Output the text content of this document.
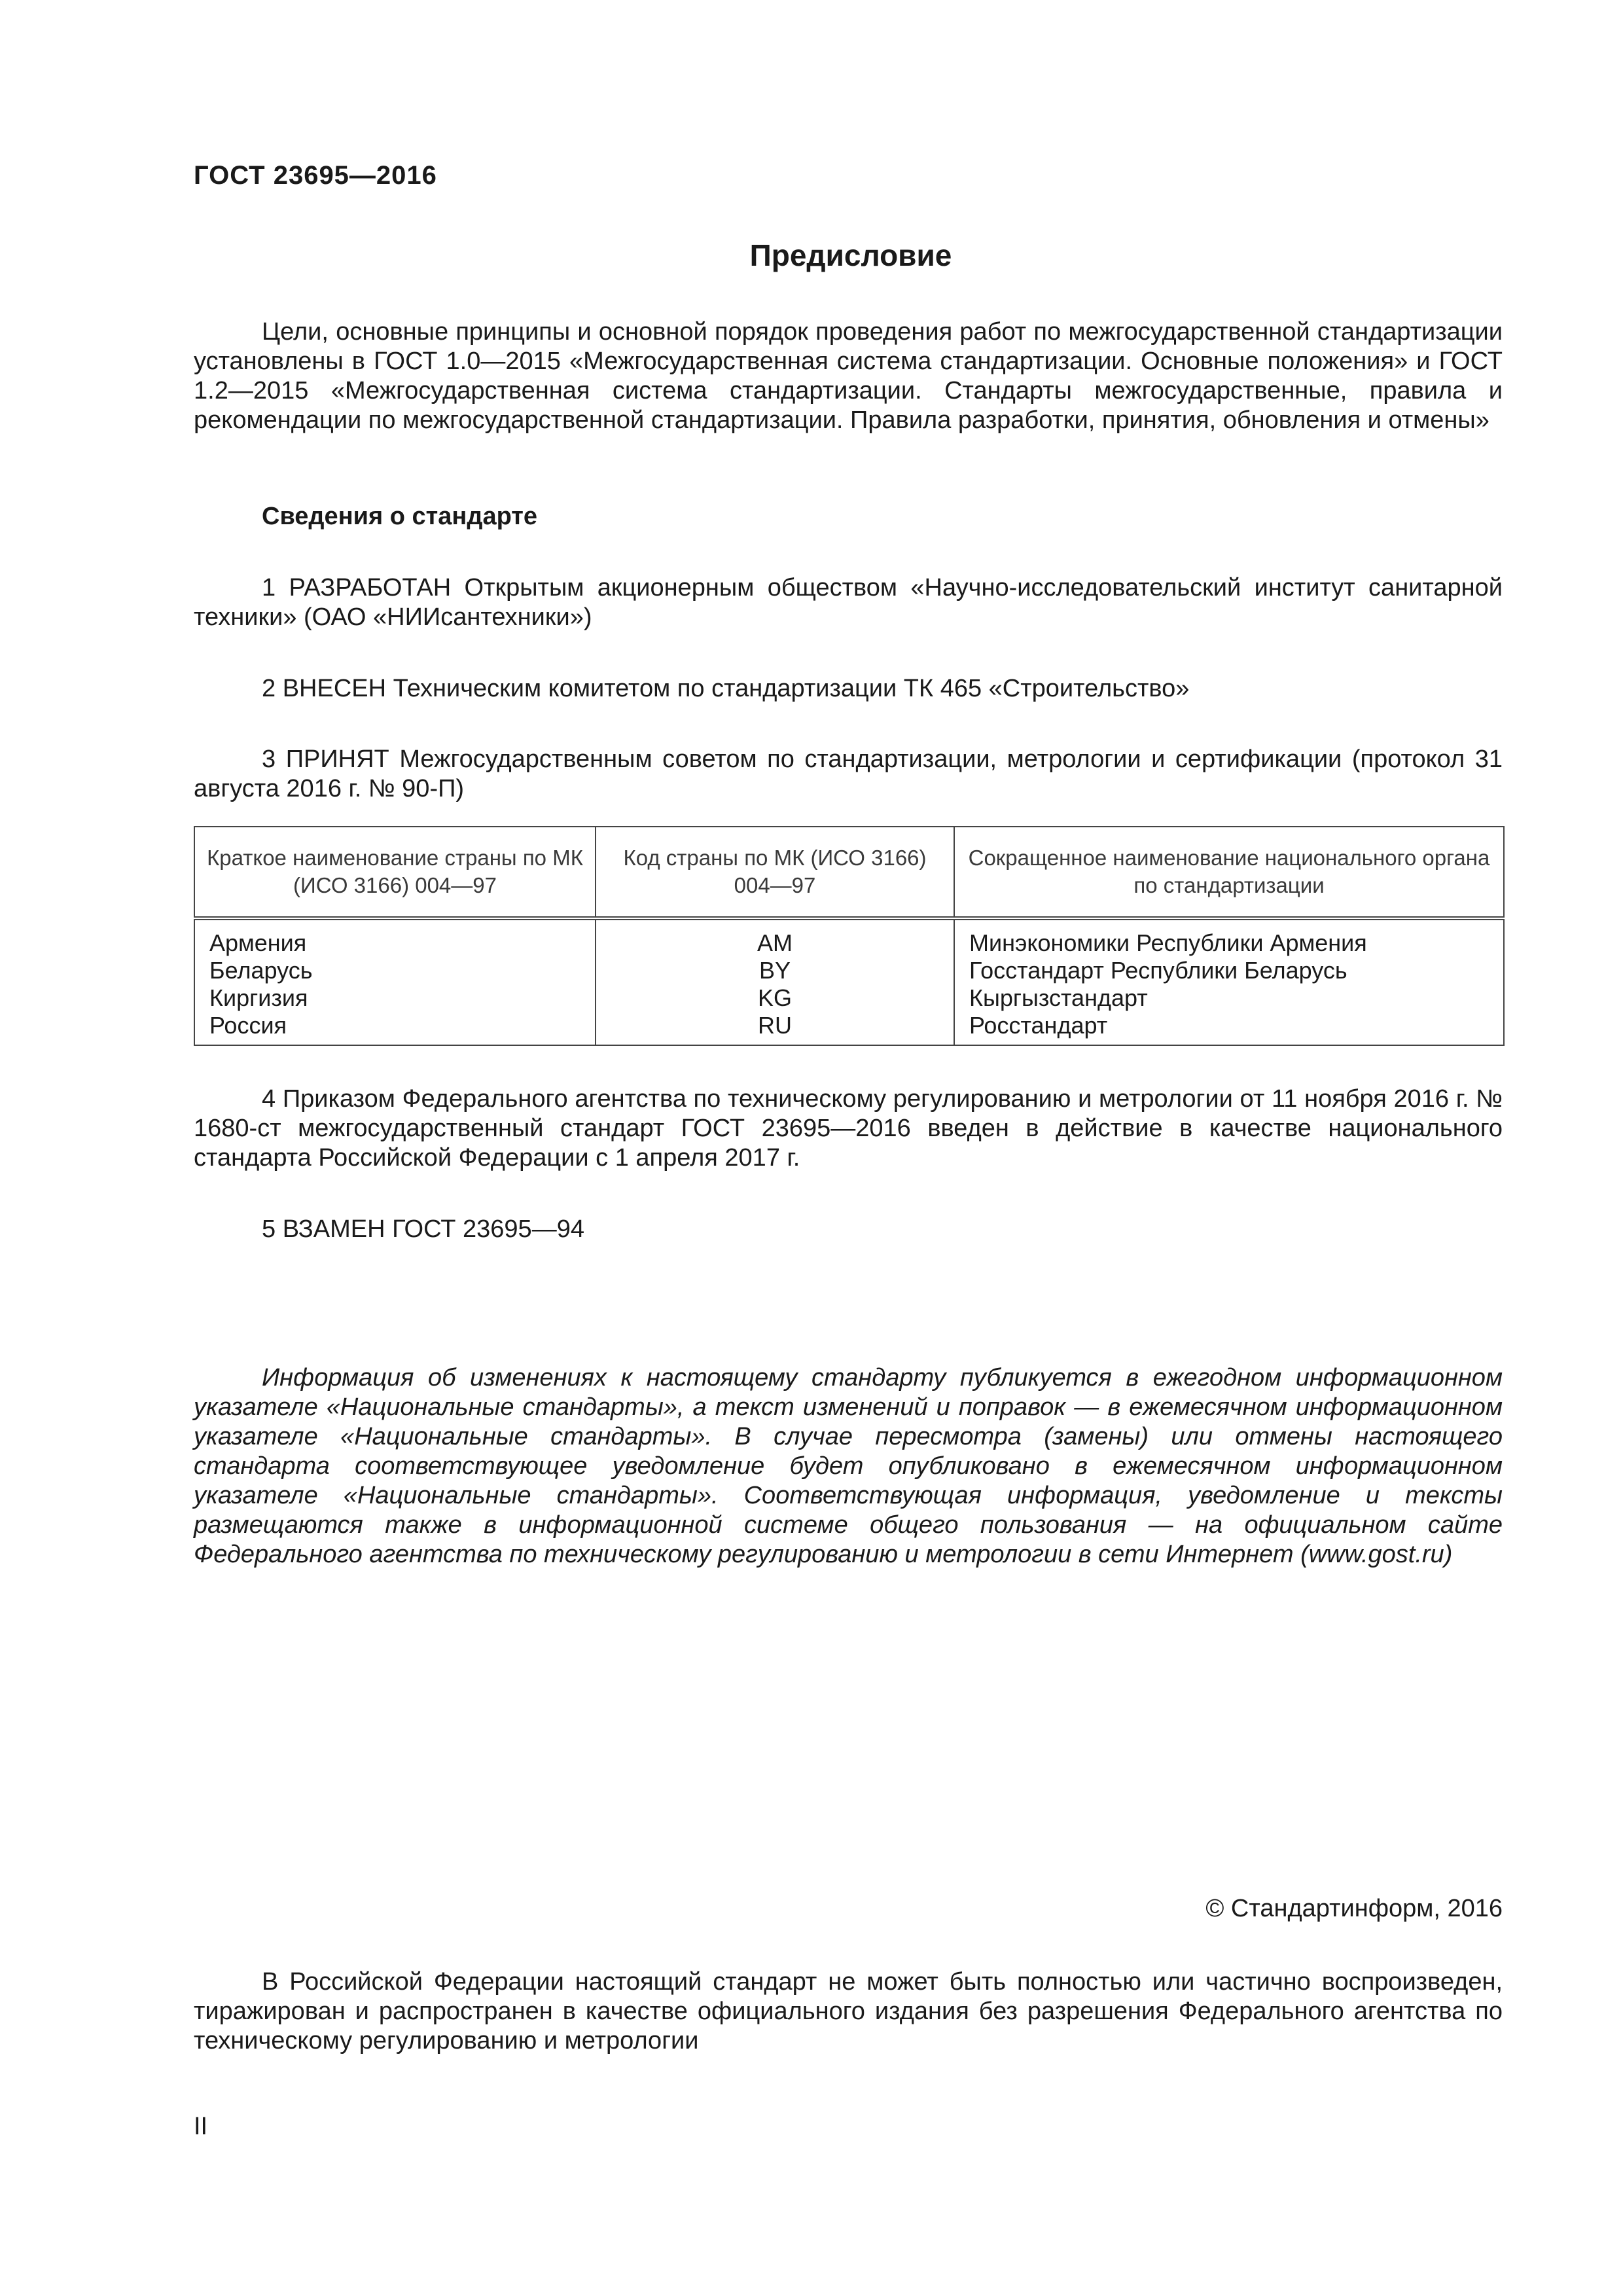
ГОСТ 23695—2016
Предисловие
Цели, основные принципы и основной порядок проведения работ по межгосударственной стандартизации установлены в ГОСТ 1.0—2015 «Межгосударственная система стандартизации. Основные положения» и ГОСТ 1.2—2015 «Межгосударственная система стандартизации. Стандарты межгосударственные, правила и рекомендации по межгосударственной стандартизации. Правила разработки, принятия, обновления и отмены»
Сведения о стандарте
1 РАЗРАБОТАН Открытым акционерным обществом «Научно-исследовательский институт санитарной техники» (ОАО «НИИсантехники»)
2 ВНЕСЕН Техническим комитетом по стандартизации ТК 465 «Строительство»
3 ПРИНЯТ Межгосударственным советом по стандартизации, метрологии и сертификации (протокол 31 августа 2016 г. № 90-П)
Краткое наименование страны по МК (ИСО 3166) 004—97	Код страны по МК (ИСО 3166) 004—97	Сокращенное наименование национального органа по стандартизации
Армения	AM	Минэкономики Республики Армения
Беларусь	BY	Госстандарт Республики Беларусь
Киргизия	KG	Кыргызстандарт
Россия	RU	Росстандарт
4 Приказом Федерального агентства по техническому регулированию и метрологии от 11 ноября 2016 г. № 1680-ст межгосударственный стандарт ГОСТ 23695—2016 введен в действие в качестве национального стандарта Российской Федерации с 1 апреля 2017 г.
5 ВЗАМЕН ГОСТ 23695—94
Информация об изменениях к настоящему стандарту публикуется в ежегодном информационном указателе «Национальные стандарты», а текст изменений и поправок — в ежемесячном информационном указателе «Национальные стандарты». В случае пересмотра (замены) или отмены настоящего стандарта соответствующее уведомление будет опубликовано в ежемесячном информационном указателе «Национальные стандарты». Соответствующая информация, уведомление и тексты размещаются также в информационной системе общего пользования — на официальном сайте Федерального агентства по техническому регулированию и метрологии в сети Интернет (www.gost.ru)
© Стандартинформ, 2016
В Российской Федерации настоящий стандарт не может быть полностью или частично воспроизведен, тиражирован и распространен в качестве официального издания без разрешения Федерального агентства по техническому регулированию и метрологии
II
